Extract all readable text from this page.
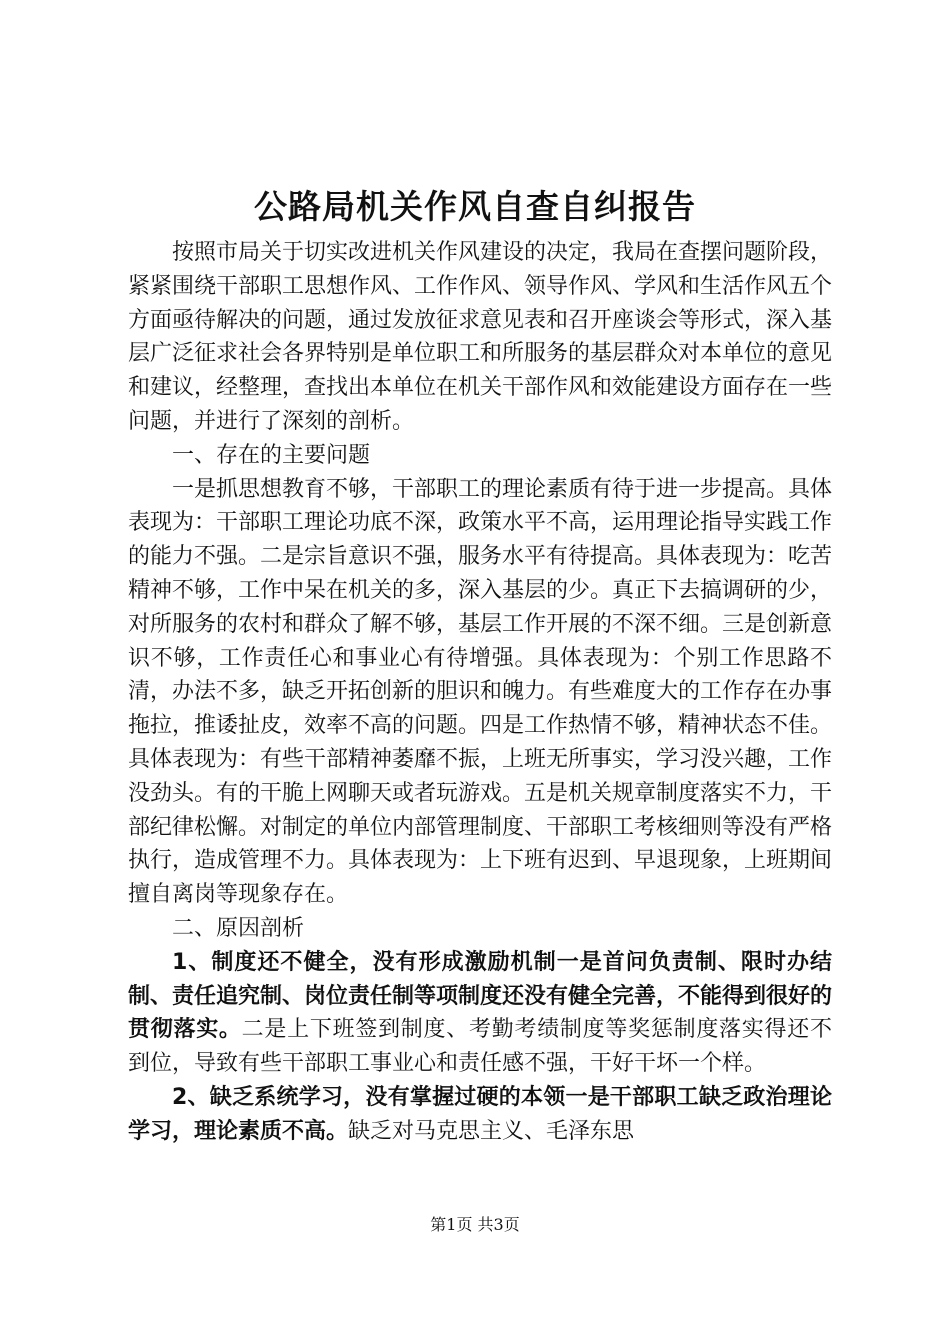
公路局机关作风自查自纠报告

按照市局关于切实改进机关作风建设的决定，我局在查摆问题阶段，紧紧围绕干部职工思想作风、工作作风、领导作风、学风和生活作风五个方面亟待解决的问题，通过发放征求意见表和召开座谈会等形式，深入基层广泛征求社会各界特别是单位职工和所服务的基层群众对本单位的意见和建议，经整理，查找出本单位在机关干部作风和效能建设方面存在一些问题，并进行了深刻的剖析。

一、存在的主要问题

一是抓思想教育不够，干部职工的理论素质有待于进一步提高。具体表现为：干部职工理论功底不深，政策水平不高，运用理论指导实践工作的能力不强。二是宗旨意识不强，服务水平有待提高。具体表现为：吃苦精神不够，工作中呆在机关的多，深入基层的少。真正下去搞调研的少，对所服务的农村和群众了解不够，基层工作开展的不深不细。三是创新意识不够，工作责任心和事业心有待增强。具体表现为：个别工作思路不清，办法不多，缺乏开拓创新的胆识和魄力。有些难度大的工作存在办事拖拉，推诿扯皮，效率不高的问题。四是工作热情不够，精神状态不佳。具体表现为：有些干部精神萎靡不振，上班无所事实，学习没兴趣，工作没劲头。有的干脆上网聊天或者玩游戏。五是机关规章制度落实不力，干部纪律松懈。对制定的单位内部管理制度、干部职工考核细则等没有严格执行，造成管理不力。具体表现为：上下班有迟到、早退现象，上班期间擅自离岗等现象存在。

二、原因剖析

1、制度还不健全，没有形成激励机制一是首问负责制、限时办结制、责任追究制、岗位责任制等项制度还没有健全完善，不能得到很好的贯彻落实。二是上下班签到制度、考勤考绩制度等奖惩制度落实得还不到位，导致有些干部职工事业心和责任感不强，干好干坏一个样。

2、缺乏系统学习，没有掌握过硬的本领一是干部职工缺乏政治理论学习，理论素质不高。缺乏对马克思主义、毛泽东思

第1页 共3页
